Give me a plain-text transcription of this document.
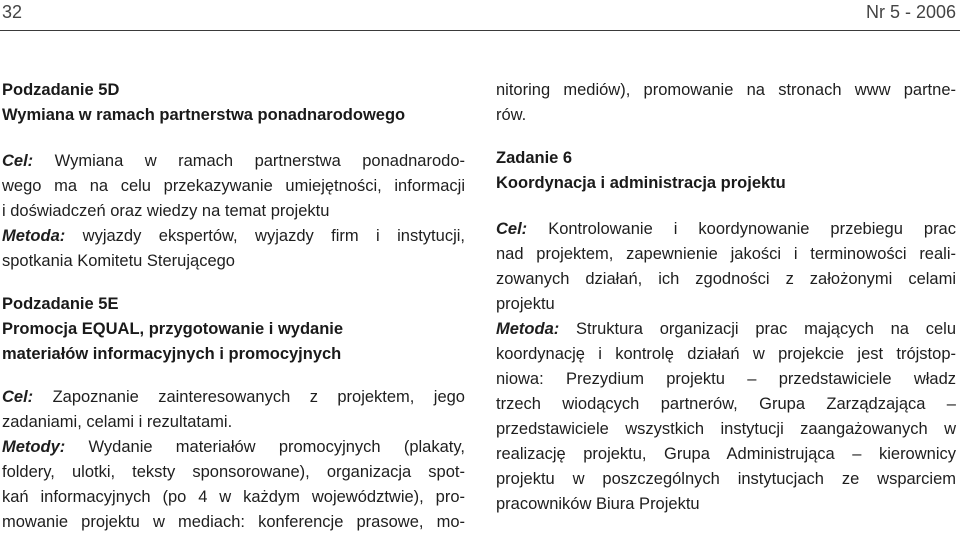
32	Nr 5 - 2006
Podzadanie 5D
Wymiana w ramach partnerstwa ponadnarodowego
Cel: Wymiana w ramach partnerstwa ponadnarodo-
wego ma na celu przekazywanie umiejętności, informacji
i doświadczeń oraz wiedzy na temat projektu
Metoda: wyjazdy ekspertów, wyjazdy firm i instytucji,
spotkania Komitetu Sterującego
Podzadanie 5E
Promocja EQUAL, przygotowanie i wydanie
materiałów informacyjnych i promocyjnych
Cel: Zapoznanie zainteresowanych z projektem, jego
zadaniami, celami i rezultatami.
Metody: Wydanie materiałów promocyjnych (plakaty,
foldery, ulotki, teksty sponsorowane), organizacja spot-
kań informacyjnych (po 4 w każdym województwie), pro-
mowanie projektu w mediach: konferencje prasowe, mo-
nitoring mediów), promowanie na stronach www partne-
rów.
Zadanie 6
Koordynacja i administracja projektu
Cel: Kontrolowanie i koordynowanie przebiegu prac
nad projektem, zapewnienie jakości i terminowości reali-
zowanych działań, ich zgodności z założonymi celami
projektu
Metoda: Struktura organizacji prac mających na celu
koordynację i kontrolę działań w projekcie jest trójstop-
niowa: Prezydium projektu – przedstawiciele władz
trzech wiodących partnerów, Grupa Zarządzająca –
przedstawiciele wszystkich instytucji zaangażowanych w
realizację projektu, Grupa Administrująca – kierownicy
projektu w poszczególnych instytucjach ze wsparciem
pracowników Biura Projektu
